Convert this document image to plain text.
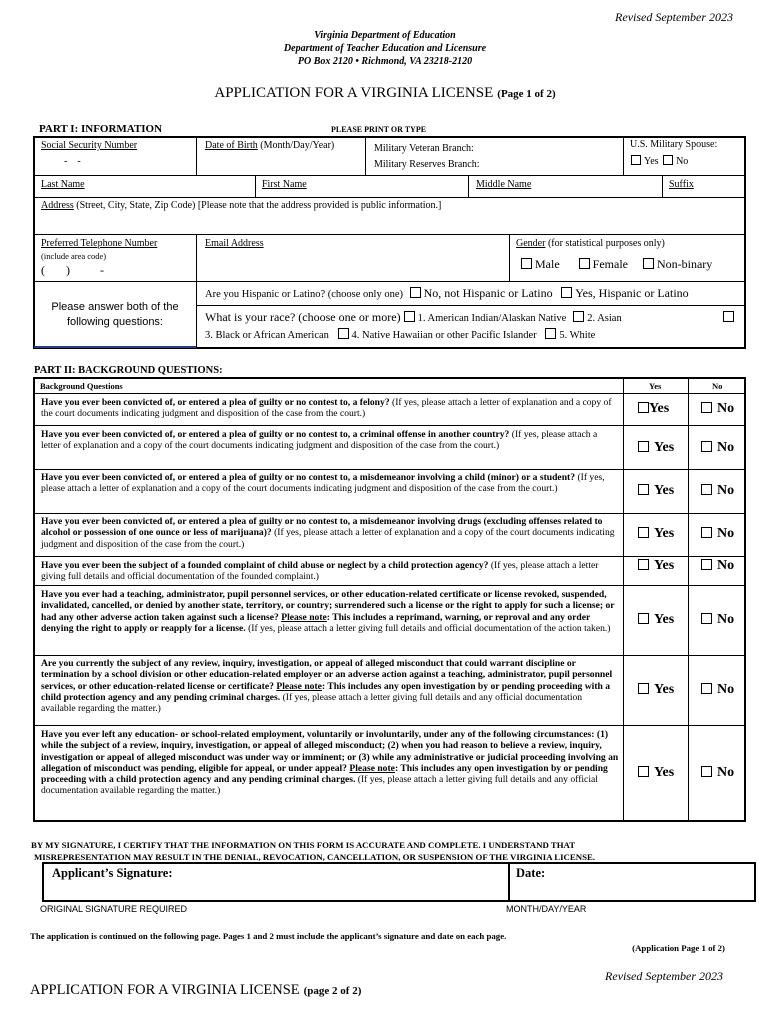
Revised September 2023
Virginia Department of Education
Department of Teacher Education and Licensure
PO Box 2120 • Richmond, VA 23218-2120
APPLICATION FOR A VIRGINIA LICENSE (Page 1 of 2)
PART I: INFORMATION	PLEASE PRINT OR TYPE
Social Security Number
-    -
Date of Birth (Month/Day/Year)	Military Veteran Branch:
Military Reserves Branch:
U.S. Military Spouse:
Yes No
Last Name	First Name	Middle Name	Suffix
Address (Street, City, State, Zip Code) [Please note that the address provided is public information.]
Preferred Telephone Number
(include area code)
(       )          -
Email Address	Gender (for statistical purposes only)
Male	Female Non-binary
Please answer both of the following questions:
Are you Hispanic or Latino? (choose only one) No, not Hispanic or Latino Yes, Hispanic or Latino
What is your race? (choose one or more) 1. American Indian/Alaskan Native 2. Asian
3. Black or African American 4. Native Hawaiian or other Pacific Islander 5. White
PART II: BACKGROUND QUESTIONS:
Background Questions	Yes	No
Have you ever been convicted of, or entered a plea of guilty or no contest to, a felony? (If yes, please attach a letter of explanation and a copy of the court documents indicating judgment and disposition of the case from the court.)	Yes	No
Have you ever been convicted of, or entered a plea of guilty or no contest to, a criminal offense in another country? (If yes, please attach a letter of explanation and a copy of the court documents indicating judgment and disposition of the case from the court.)	Yes	No
Have you ever been convicted of, or entered a plea of guilty or no contest to, a misdemeanor involving a child (minor) or a student? (If yes, please attach a letter of explanation and a copy of the court documents indicating judgment and disposition of the case from the court.)	Yes	No
Have you ever been convicted of, or entered a plea of guilty or no contest to, a misdemeanor involving drugs (excluding offenses related to alcohol or possession of one ounce or less of marijuana)? (If yes, please attach a letter of explanation and a copy of the court documents indicating judgment and disposition of the case from the court.)
Yes	No
Have you ever been the subject of a founded complaint of child abuse or neglect by a child protection agency? (If yes, please attach a letter giving full details and official documentation of the founded complaint.)
Yes	No
Have you ever had a teaching, administrator, pupil personnel services, or other education-related certificate or license revoked, suspended, invalidated, cancelled, or denied by another state, territory, or country; surrendered such a license or the right to apply for such a license; or had any other adverse action taken against such a license? Please note: This includes a reprimand, warning, or reproval and any order denying the right to apply or reapply for a license. (If yes, please attach a letter giving full details and official documentation of the action taken.)
Yes	No
Are you currently the subject of any review, inquiry, investigation, or appeal of alleged misconduct that could warrant discipline or termination by a school division or other education-related employer or an adverse action against a teaching, administrator, pupil personnel services, or other education-related license or certificate? Please note: This includes any open investigation by or pending proceeding with a child protection agency and any pending criminal charges. (If yes, please attach a letter giving full details and any official documentation available regarding the matter.)
Yes	No
Have you ever left any education- or school-related employment, voluntarily or involuntarily, under any of the following circumstances: (1) while the subject of a review, inquiry, investigation, or appeal of alleged misconduct; (2) when you had reason to believe a review, inquiry, investigation or appeal of alleged misconduct was under way or imminent; or (3) while any administrative or judicial proceeding involving an allegation of misconduct was pending, eligible for appeal, or under appeal? Please note: This includes any open investigation by or pending proceeding with a child protection agency and any pending criminal charges. (If yes, please attach a letter giving full details and any official documentation available regarding the matter.)
Yes	No
BY MY SIGNATURE, I CERTIFY THAT THE INFORMATION ON THIS FORM IS ACCURATE AND COMPLETE. I UNDERSTAND THAT
MISREPRESENTATION MAY RESULT IN THE DENIAL, REVOCATION, CANCELLATION, OR SUSPENSION OF THE VIRGINIA LICENSE.
Applicant’s Signature:	Date:
ORIGINAL SIGNATURE REQUIRED	MONTH/DAY/YEAR
The application is continued on the following page. Pages 1 and 2 must include the applicant’s signature and date on each page.
(Application Page 1 of 2)
Revised September 2023
APPLICATION FOR A VIRGINIA LICENSE (page 2 of 2)
